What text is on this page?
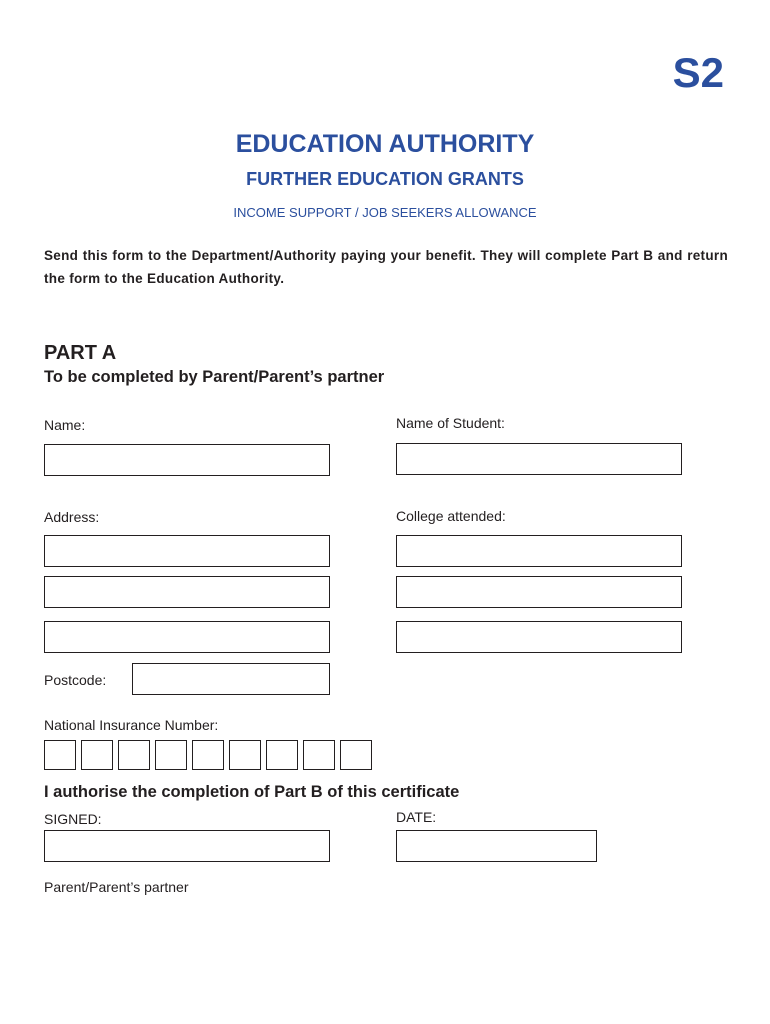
S2
EDUCATION AUTHORITY
FURTHER EDUCATION GRANTS
INCOME SUPPORT / JOB SEEKERS ALLOWANCE
Send this form to the Department/Authority paying your benefit. They will complete Part B and return the form to the Education Authority.
PART A
To be completed by Parent/Parent’s partner
Name:	Name of Student:
Address:	College attended:
Postcode:
National Insurance Number:
I authorise the completion of Part B of this certificate
SIGNED:	DATE:
Parent/Parent’s partner
